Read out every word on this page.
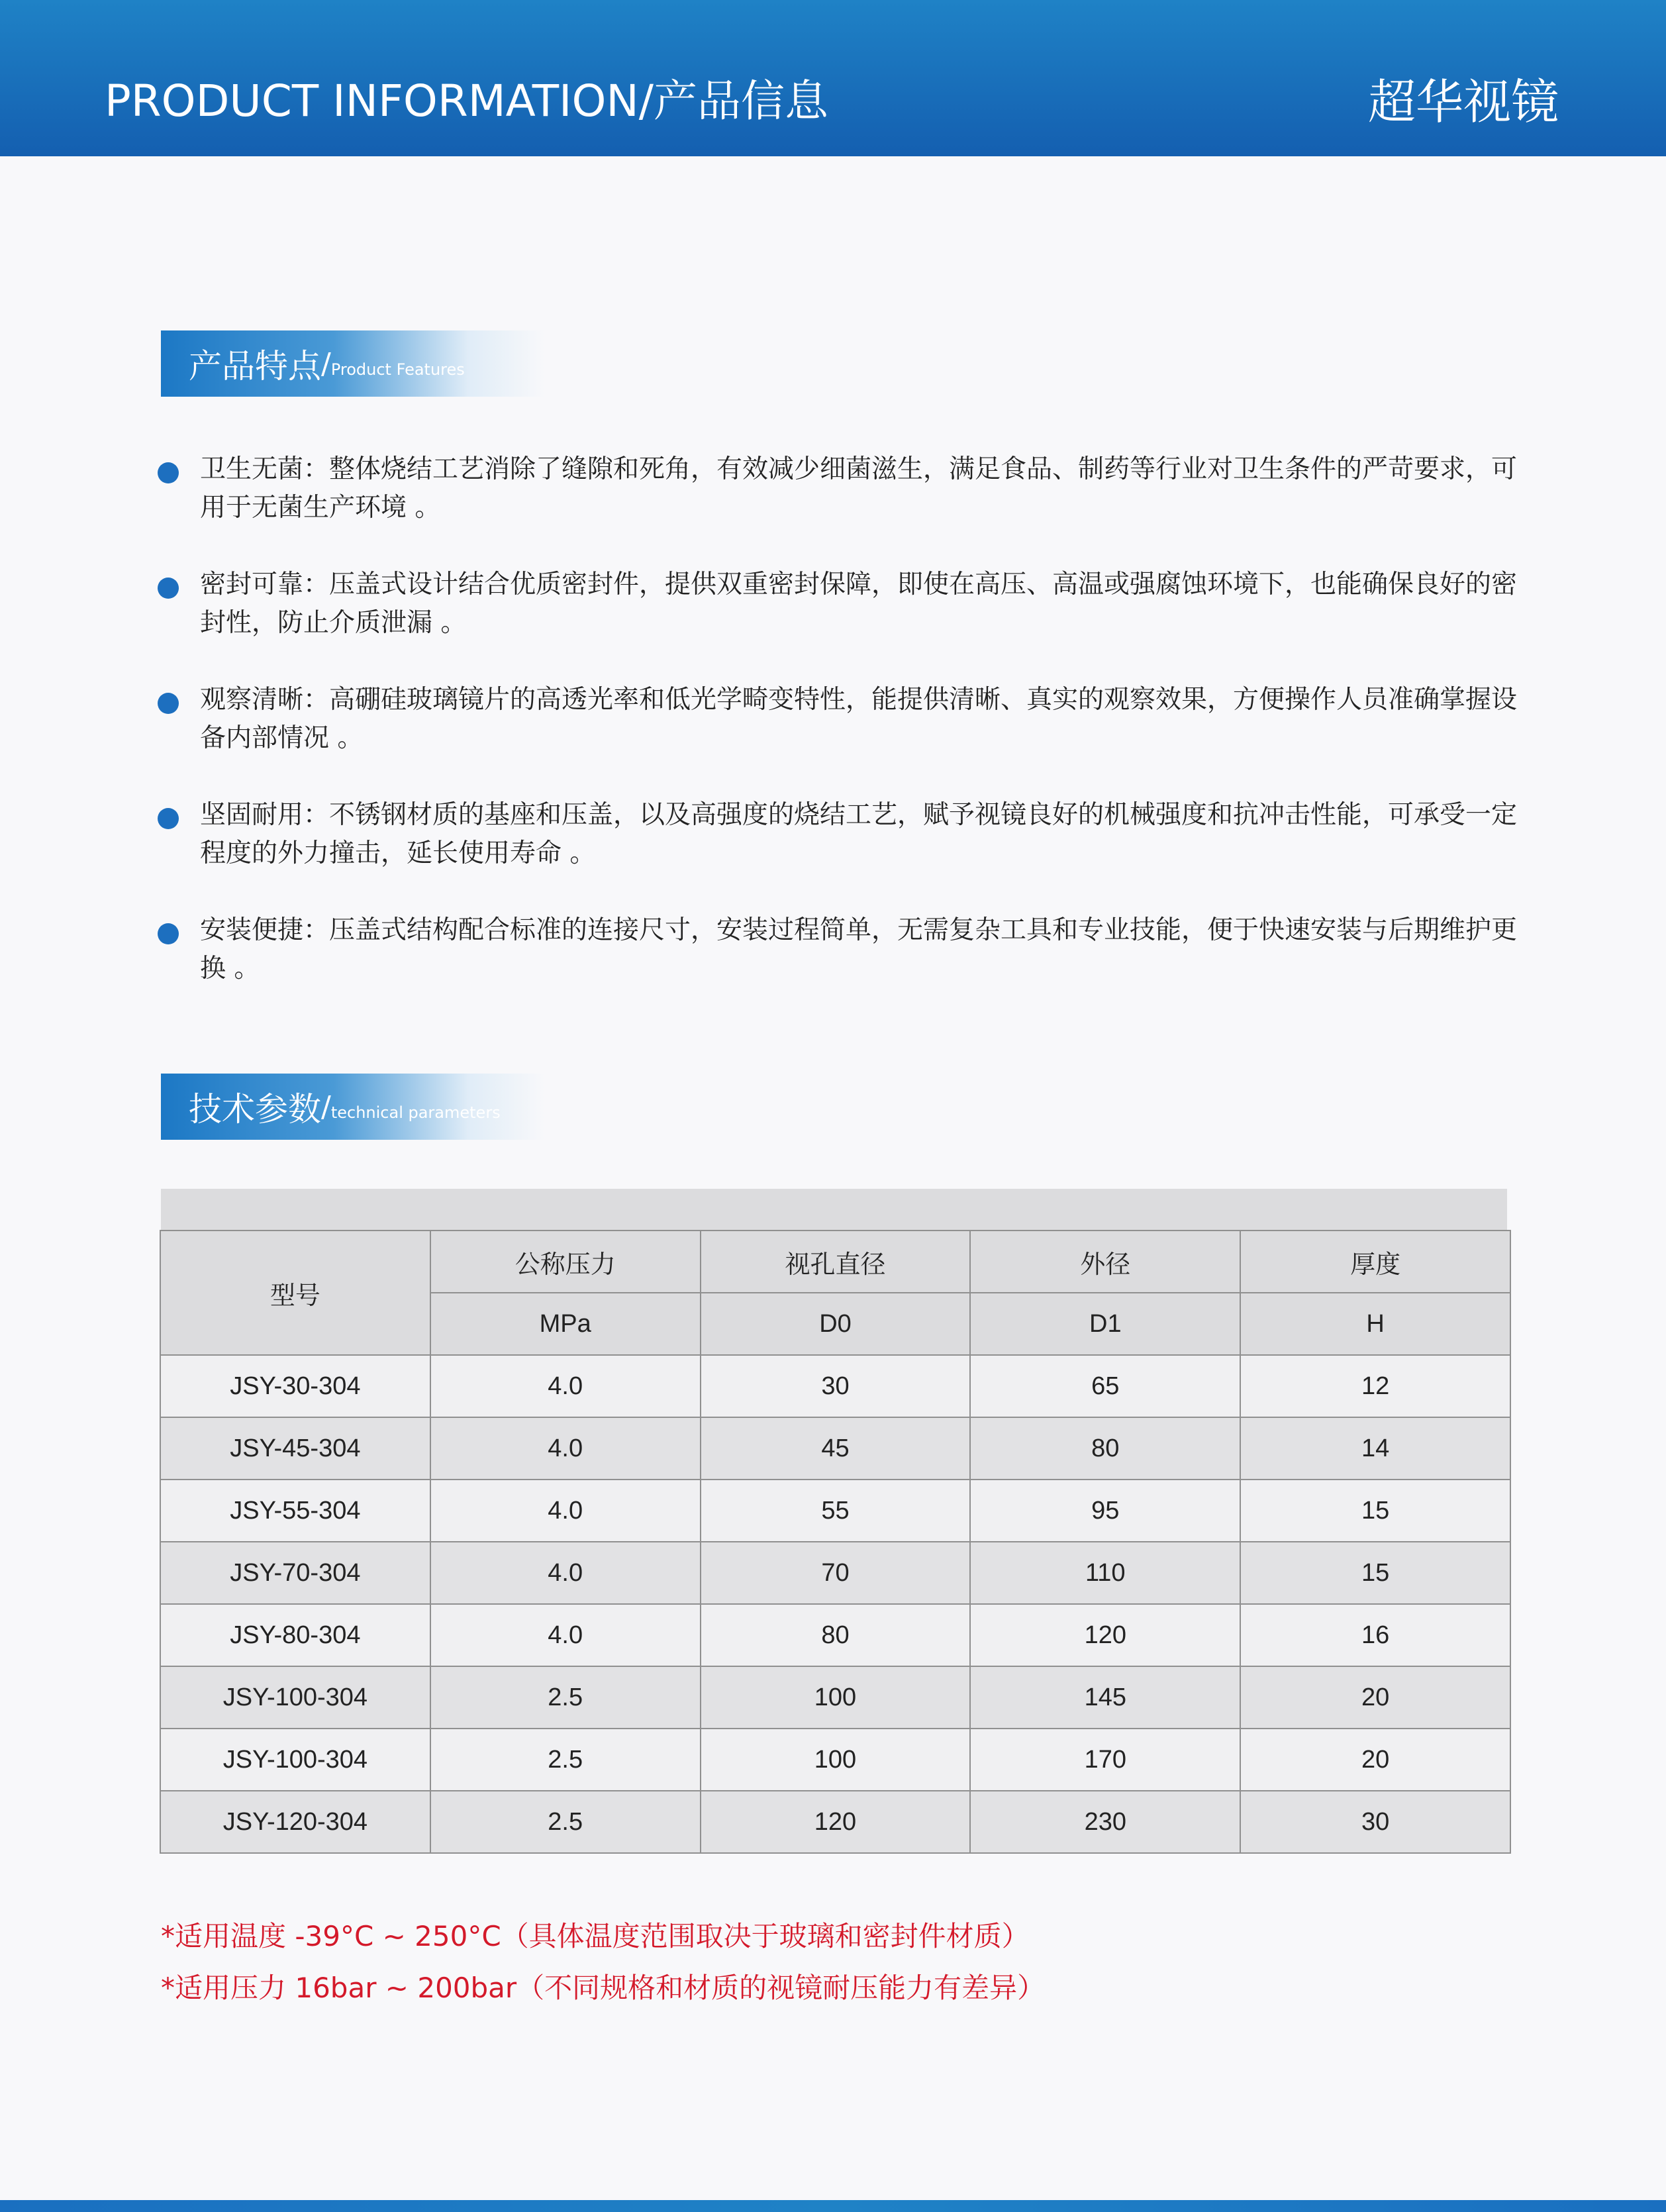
PRODUCT INFORMATION/产品信息	超华视镜
产品特点 / Product Features
卫生无菌：整体烧结工艺消除了缝隙和死角，有效减少细菌滋生，满足食品、制药等行业对卫生条件的严苛要求，可用于无菌生产环境 。
密封可靠：压盖式设计结合优质密封件，提供双重密封保障，即使在高压、高温或强腐蚀环境下，也能确保良好的密封性，防止介质泄漏 。
观察清晰：高硼硅玻璃镜片的高透光率和低光学畸变特性，能提供清晰、真实的观察效果，方便操作人员准确掌握设备内部情况 。
坚固耐用：不锈钢材质的基座和压盖，以及高强度的烧结工艺，赋予视镜良好的机械强度和抗冲击性能，可承受一定程度的外力撞击，延长使用寿命 。
安装便捷：压盖式结构配合标准的连接尺寸，安装过程简单，无需复杂工具和专业技能，便于快速安装与后期维护更换 。
技术参数 / technical parameters
型号	公称压力	视孔直径	外径	厚度
	MPa	D0	D1	H
JSY-30-304	4.0	30	65	12
JSY-45-304	4.0	45	80	14
JSY-55-304	4.0	55	95	15
JSY-70-304	4.0	70	110	15
JSY-80-304	4.0	80	120	16
JSY-100-304	2.5	100	145	20
JSY-100-304	2.5	100	170	20
JSY-120-304	2.5	120	230	30
*适用温度 -39°C ~ 250°C（具体温度范围取决于玻璃和密封件材质）
*适用压力 16bar ~ 200bar（不同规格和材质的视镜耐压能力有差异）
